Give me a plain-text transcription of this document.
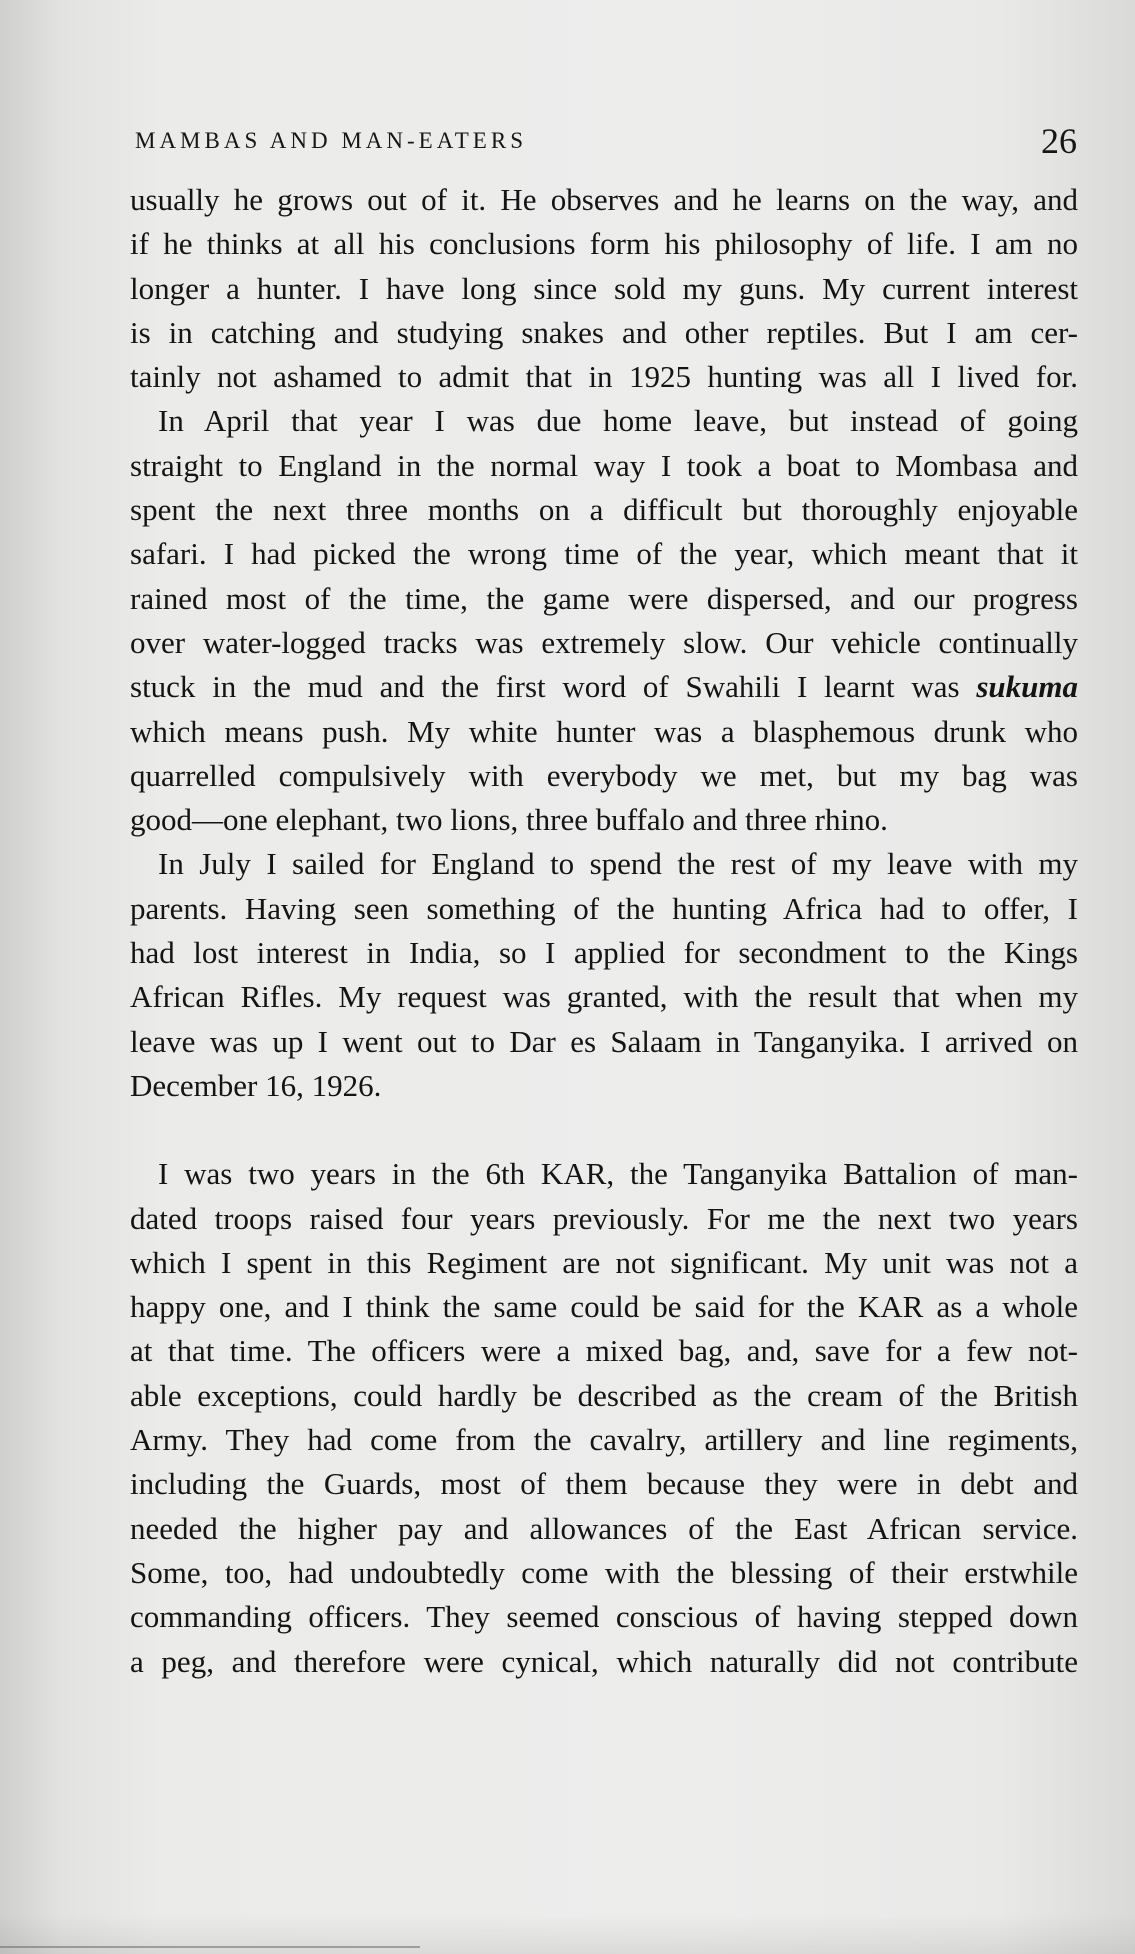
MAMBAS AND MAN-EATERS	26
usually he grows out of it. He observes and he learns on the way, and
if he thinks at all his conclusions form his philosophy of life. I am no
longer a hunter. I have long since sold my guns. My current interest
is in catching and studying snakes and other reptiles. But I am cer-
tainly not ashamed to admit that in 1925 hunting was all I lived for.
In April that year I was due home leave, but instead of going
straight to England in the normal way I took a boat to Mombasa and
spent the next three months on a difficult but thoroughly enjoyable
safari. I had picked the wrong time of the year, which meant that it
rained most of the time, the game were dispersed, and our progress
over water-logged tracks was extremely slow. Our vehicle continually
stuck in the mud and the first word of Swahili I learnt was sukuma
which means push. My white hunter was a blasphemous drunk who
quarrelled compulsively with everybody we met, but my bag was
good—one elephant, two lions, three buffalo and three rhino.
In July I sailed for England to spend the rest of my leave with my
parents. Having seen something of the hunting Africa had to offer, I
had lost interest in India, so I applied for secondment to the Kings
African Rifles. My request was granted, with the result that when my
leave was up I went out to Dar es Salaam in Tanganyika. I arrived on
December 16, 1926.
I was two years in the 6th KAR, the Tanganyika Battalion of man-
dated troops raised four years previously. For me the next two years
which I spent in this Regiment are not significant. My unit was not a
happy one, and I think the same could be said for the KAR as a whole
at that time. The officers were a mixed bag, and, save for a few not-
able exceptions, could hardly be described as the cream of the British
Army. They had come from the cavalry, artillery and line regiments,
including the Guards, most of them because they were in debt and
needed the higher pay and allowances of the East African service.
Some, too, had undoubtedly come with the blessing of their erstwhile
commanding officers. They seemed conscious of having stepped down
a peg, and therefore were cynical, which naturally did not contribute
